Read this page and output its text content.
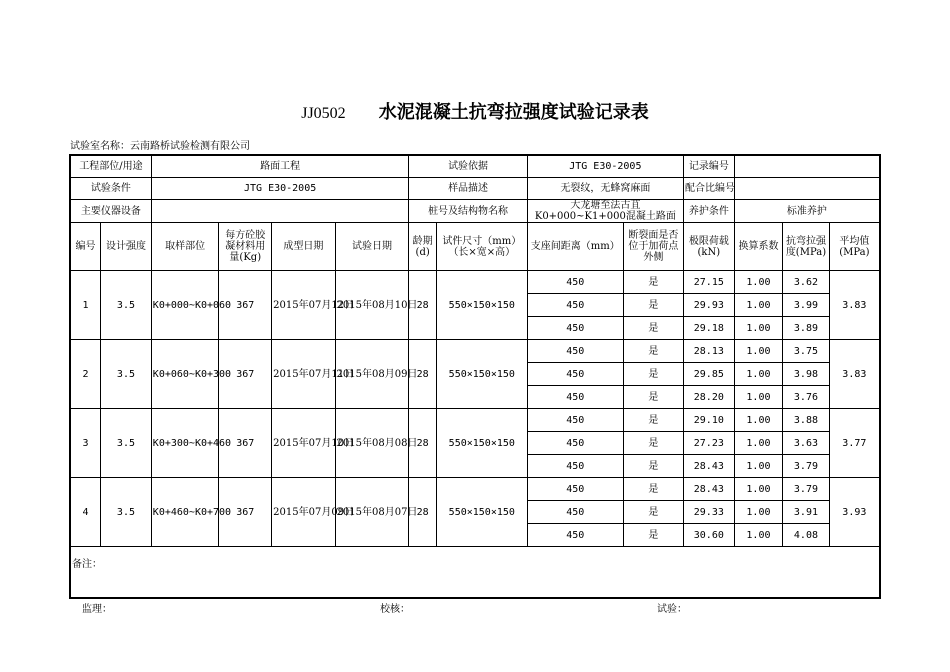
JJ0502 水泥混凝土抗弯拉强度试验记录表
试验室名称：云南路桥试验检测有限公司
工程部位/用途		路面工程				试验依据		JTG E30-2005		记录编号			
试验条件		JTG E30-2005				样品描述		无裂纹，无蜂窝麻面		配合比编号			
主要仪器设备						桩号及结构物名称		大龙塘至法古苴K0+000~K1+000混凝土路面		养护条件	标准养护		
编号	设计强度	取样部位	每方砼胶凝材料用量(Kg)	成型日期	试验日期	龄期(d)	试件尺寸（mm）（长×宽×高）	支座间距离（mm）	断裂面是否位于加荷点外侧	极限荷载(kN)	换算系数	抗弯拉强度(MPa)	平均值(MPa)
1	3.5	K0+000~K0+060	367	2015年07月12日	2015年08月10日	28	550×150×150	450	是	27.15	1.00	3.62	3.83
								450	是	29.93	1.00	3.99	
								450	是	29.18	1.00	3.89	
2	3.5	K0+060~K0+300	367	2015年07月11日	2015年08月09日	28	550×150×150	450	是	28.13	1.00	3.75	3.83
								450	是	29.85	1.00	3.98	
								450	是	28.20	1.00	3.76	
3	3.5	K0+300~K0+460	367	2015年07月10日	2015年08月08日	28	550×150×150	450	是	29.10	1.00	3.88	3.77
								450	是	27.23	1.00	3.63	
								450	是	28.43	1.00	3.79	
4	3.5	K0+460~K0+700	367	2015年07月09日	2015年08月07日	28	550×150×150	450	是	28.43	1.00	3.79	3.93
								450	是	29.33	1.00	3.91	
								450	是	30.60	1.00	4.08	
备注：													
监理：	校核：	试验：
